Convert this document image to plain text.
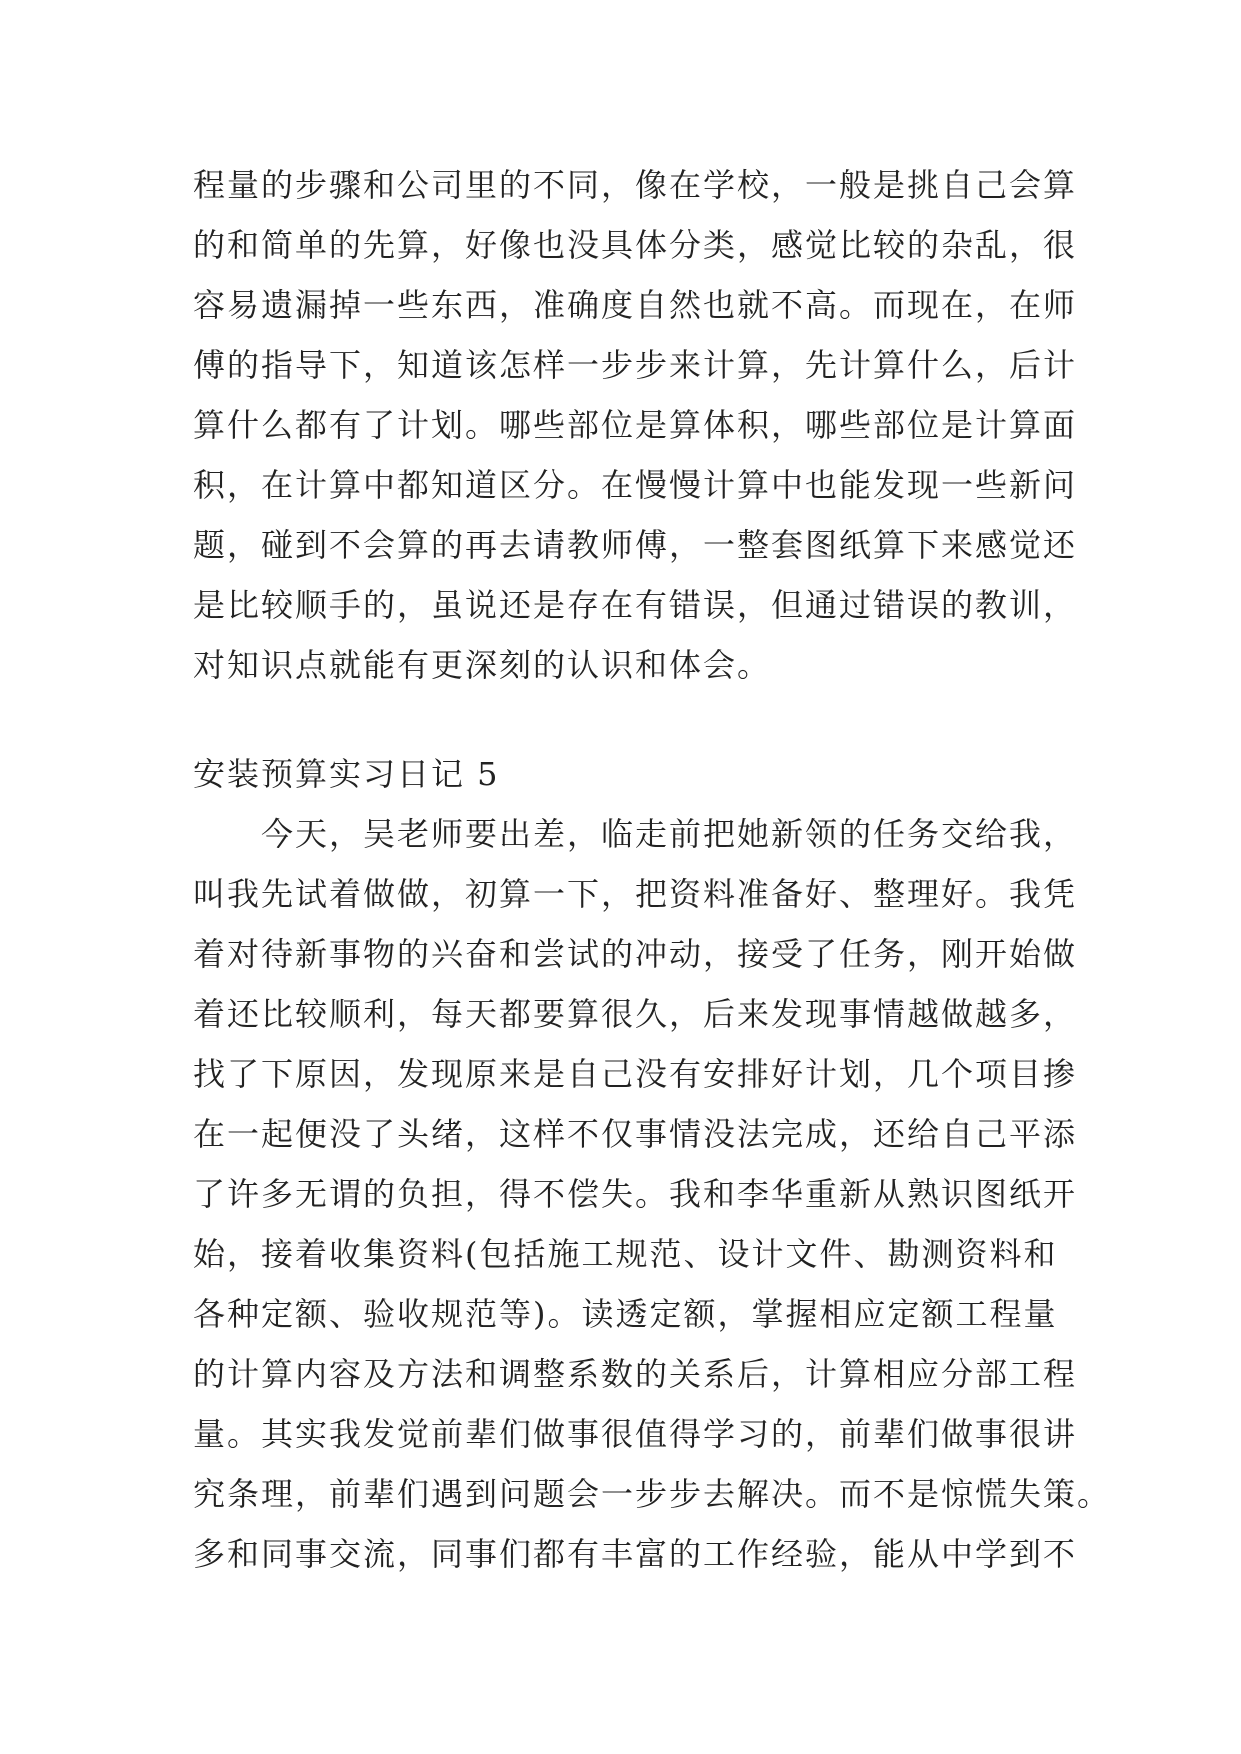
程量的步骤和公司里的不同，像在学校，一般是挑自己会算
的和简单的先算，好像也没具体分类，感觉比较的杂乱，很
容易遗漏掉一些东西，准确度自然也就不高。而现在，在师
傅的指导下，知道该怎样一步步来计算，先计算什么，后计
算什么都有了计划。哪些部位是算体积，哪些部位是计算面
积，在计算中都知道区分。在慢慢计算中也能发现一些新问
题，碰到不会算的再去请教师傅，一整套图纸算下来感觉还
是比较顺手的，虽说还是存在有错误，但通过错误的教训，
对知识点就能有更深刻的认识和体会。
安装预算实习日记 5
今天，吴老师要出差，临走前把她新领的任务交给我，
叫我先试着做做，初算一下，把资料准备好、整理好。我凭
着对待新事物的兴奋和尝试的冲动，接受了任务，刚开始做
着还比较顺利，每天都要算很久，后来发现事情越做越多，
找了下原因，发现原来是自己没有安排好计划，几个项目掺
在一起便没了头绪，这样不仅事情没法完成，还给自己平添
了许多无谓的负担，得不偿失。我和李华重新从熟识图纸开
始，接着收集资料(包括施工规范、设计文件、勘测资料和
各种定额、验收规范等)。读透定额，掌握相应定额工程量
的计算内容及方法和调整系数的关系后，计算相应分部工程
量。其实我发觉前辈们做事很值得学习的，前辈们做事很讲
究条理，前辈们遇到问题会一步步去解决。而不是惊慌失策。
多和同事交流，同事们都有丰富的工作经验，能从中学到不
